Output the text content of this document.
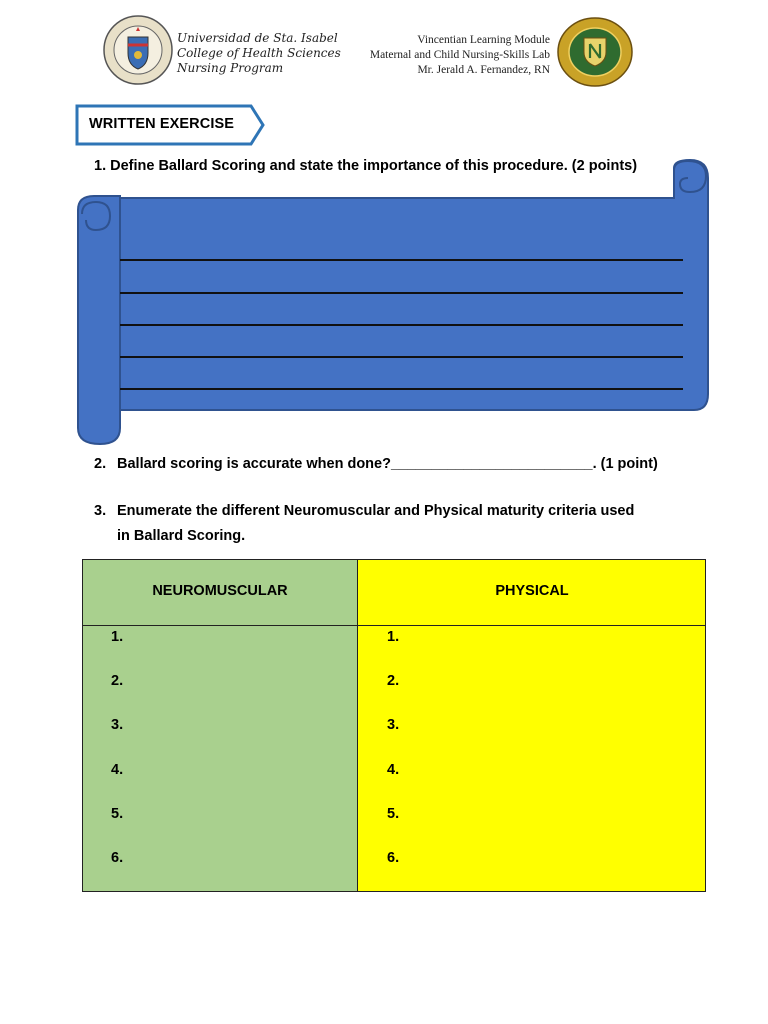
Universidad de Sta. Isabel
College of Health Sciences
Nursing Program
Vincentian Learning Module
Maternal and Child Nursing-Skills Lab
Mr. Jerald A. Fernandez, RN
WRITTEN EXERCISE
1. Define Ballard Scoring and state the importance of this procedure. (2 points)
2. Ballard scoring is accurate when done?_________________________. (1 point)
3. Enumerate the different Neuromuscular and Physical maturity criteria used
in Ballard Scoring.
NEUROMUSCULAR	PHYSICAL
1.
2.
3.
4.
5.
6.
1.
2.
3.
4.
5.
6.
